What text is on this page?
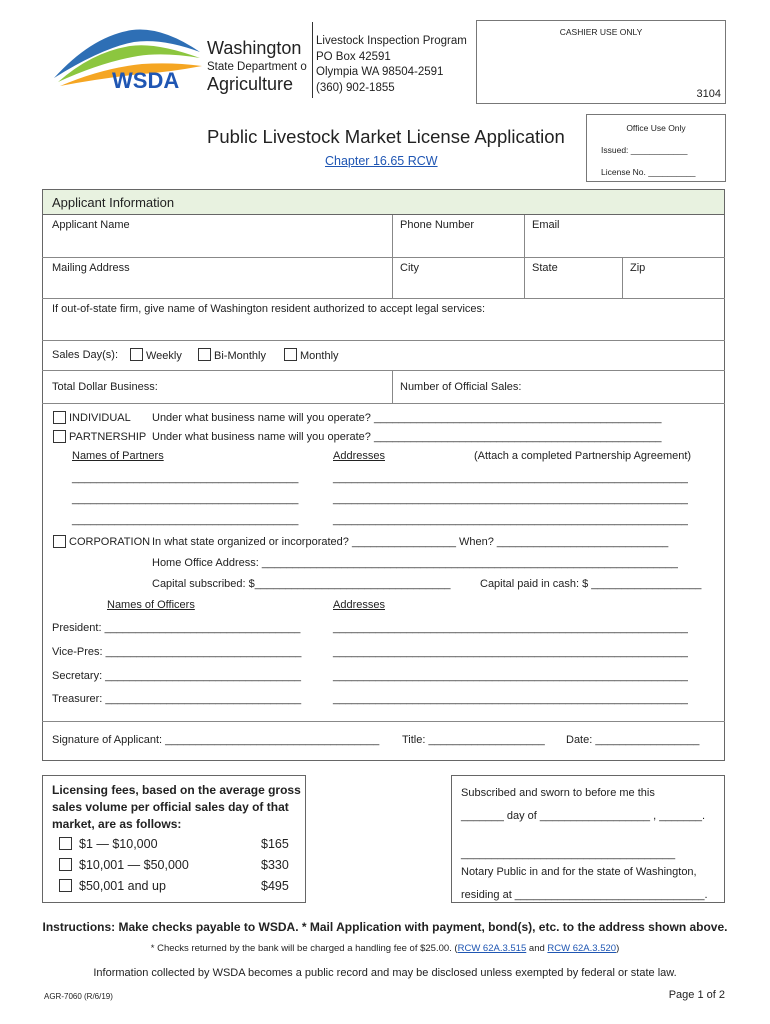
WSDA
Washington
State Department of
Agriculture
Livestock Inspection Program
PO Box 42591
Olympia WA 98504-2591
(360) 902-1855
CASHIER USE ONLY
3104
Office Use Only
Issued: ____________
License No. __________
Public Livestock Market License Application
Chapter 16.65 RCW
Applicant Information
Applicant Name	Phone Number	Email
Mailing Address	City	State	Zip
If out-of-state firm, give name of Washington resident authorized to accept legal services:
Sales Day(s):	Weekly	Bi-Monthly	Monthly
Total Dollar Business:	Number of Official Sales:
INDIVIDUAL Under what business name will you operate? _______________________________________________
PARTNERSHIP Under what business name will you operate? _______________________________________________
Names of Partners	Addresses	(Attach a completed Partnership Agreement)
_____________________________________	__________________________________________________________
_____________________________________	__________________________________________________________
_____________________________________	__________________________________________________________
CORPORATION In what state organized or incorporated? _________________ When? ____________________________
Home Office Address: ____________________________________________________________________
Capital subscribed: $________________________________	Capital paid in cash: $ __________________
Names of Officers	Addresses
President: ________________________________	__________________________________________________________
Vice-Pres: ________________________________	__________________________________________________________
Secretary: ________________________________	__________________________________________________________
Treasurer: ________________________________	__________________________________________________________
Signature of Applicant: ___________________________________ Title: ___________________ Date: _________________
Licensing fees, based on the average gross sales volume per official sales day of that market, are as follows:
$1 — $10,000	$165
$10,001 — $50,000	$330
$50,001 and up	$495
Subscribed and sworn to before me this
_______ day of __________________ , _______.
___________________________________
Notary Public in and for the state of Washington,
residing at _______________________________.
Instructions: Make checks payable to WSDA. * Mail Application with payment, bond(s), etc. to the address shown above.
* Checks returned by the bank will be charged a handling fee of $25.00. (RCW 62A.3.515 and RCW 62A.3.520)
Information collected by WSDA becomes a public record and may be disclosed unless exempted by federal or state law.
AGR-7060 (R/6/19)	Page 1 of 2
